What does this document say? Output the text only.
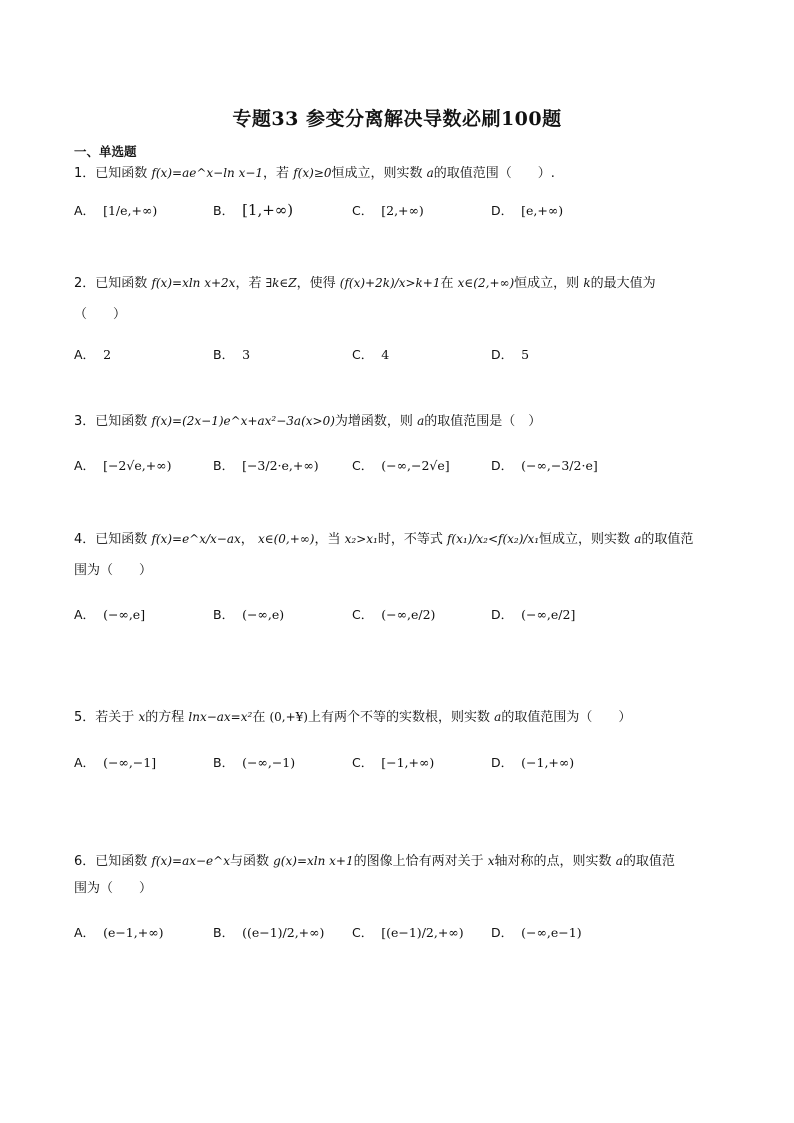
专题33 参变分离解决导数必刷100题
一、单选题
1．已知函数 f(x)=ae^x−ln x−1，若 f(x)≥0恒成立，则实数 a的取值范围（　　）.
A． [1/e,+∞)	B． [1,+∞)	C． [2,+∞)	D． [e,+∞)
2．已知函数 f(x)=xln x+2x，若 ∃k∈Z，使得 (f(x)+2k)/x>k+1在 x∈(2,+∞)恒成立，则 k的最大值为
（　　）
A． 2	B． 3	C． 4	D． 5
3．已知函数 f(x)=(2x−1)e^x+ax²−3a(x>0)为增函数，则 a的取值范围是（　）
A． [−2√e,+∞)	B． [−3/2·e,+∞)	C． (−∞,−2√e]	D． (−∞,−3/2·e]
4．已知函数 f(x)=e^x/x−ax， x∈(0,+∞)，当 x₂>x₁时，不等式 f(x₁)/x₂<f(x₂)/x₁恒成立，则实数 a的取值范
围为（　　）
A． (−∞,e]	B． (−∞,e)	C． (−∞,e/2)	D． (−∞,e/2]
5．若关于 x的方程 lnx−ax=x²在 (0,+¥)上有两个不等的实数根，则实数 a的取值范围为（　　）
A． (−∞,−1]	B． (−∞,−1)	C． [−1,+∞)	D． (−1,+∞)
6．已知函数 f(x)=ax−e^x与函数 g(x)=xln x+1的图像上恰有两对关于 x轴对称的点，则实数 a的取值范
围为（　　）
A． (e−1,+∞)	B． ((e−1)/2,+∞) C． [(e−1)/2,+∞) D． (−∞,e−1)
